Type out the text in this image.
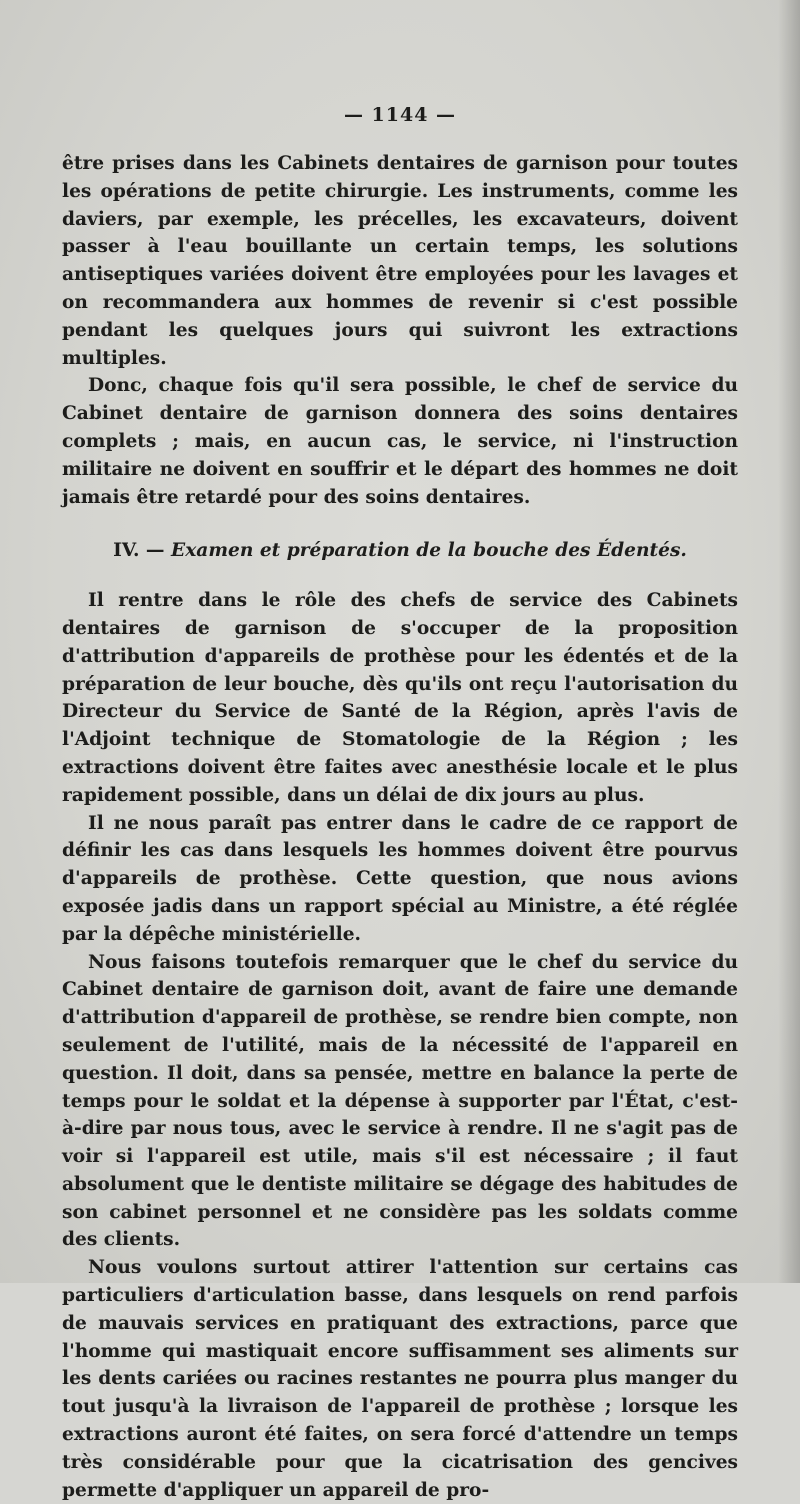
— 1144 —

être prises dans les Cabinets dentaires de garnison pour toutes les opérations de petite chirurgie. Les instruments, comme les daviers, par exemple, les précelles, les excavateurs, doivent passer à l'eau bouillante un certain temps, les solutions antiseptiques variées doivent être employées pour les lavages et on recommandera aux hommes de revenir si c'est possible pendant les quelques jours qui suivront les extractions multiples.

Donc, chaque fois qu'il sera possible, le chef de service du Cabinet dentaire de garnison donnera des soins dentaires complets ; mais, en aucun cas, le service, ni l'instruction militaire ne doivent en souffrir et le départ des hommes ne doit jamais être retardé pour des soins dentaires.

IV. — Examen et préparation de la bouche des Édentés.

Il rentre dans le rôle des chefs de service des Cabinets dentaires de garnison de s'occuper de la proposition d'attribution d'appareils de prothèse pour les édentés et de la préparation de leur bouche, dès qu'ils ont reçu l'autorisation du Directeur du Service de Santé de la Région, après l'avis de l'Adjoint technique de Stomatologie de la Région ; les extractions doivent être faites avec anesthésie locale et le plus rapidement possible, dans un délai de dix jours au plus.

Il ne nous paraît pas entrer dans le cadre de ce rapport de définir les cas dans lesquels les hommes doivent être pourvus d'appareils de prothèse. Cette question, que nous avions exposée jadis dans un rapport spécial au Ministre, a été réglée par la dépêche ministérielle.

Nous faisons toutefois remarquer que le chef du service du Cabinet dentaire de garnison doit, avant de faire une demande d'attribution d'appareil de prothèse, se rendre bien compte, non seulement de l'utilité, mais de la nécessité de l'appareil en question. Il doit, dans sa pensée, mettre en balance la perte de temps pour le soldat et la dépense à supporter par l'État, c'est-à-dire par nous tous, avec le service à rendre. Il ne s'agit pas de voir si l'appareil est utile, mais s'il est nécessaire ; il faut absolument que le dentiste militaire se dégage des habitudes de son cabinet personnel et ne considère pas les soldats comme des clients.

Nous voulons surtout attirer l'attention sur certains cas particuliers d'articulation basse, dans lesquels on rend parfois de mauvais services en pratiquant des extractions, parce que l'homme qui mastiquait encore suffisamment ses aliments sur les dents cariées ou racines restantes ne pourra plus manger du tout jusqu'à la livraison de l'appareil de prothèse ; lorsque les extractions auront été faites, on sera forcé d'attendre un temps très considérable pour que la cicatrisation des gencives permette d'appliquer un appareil de pro-
